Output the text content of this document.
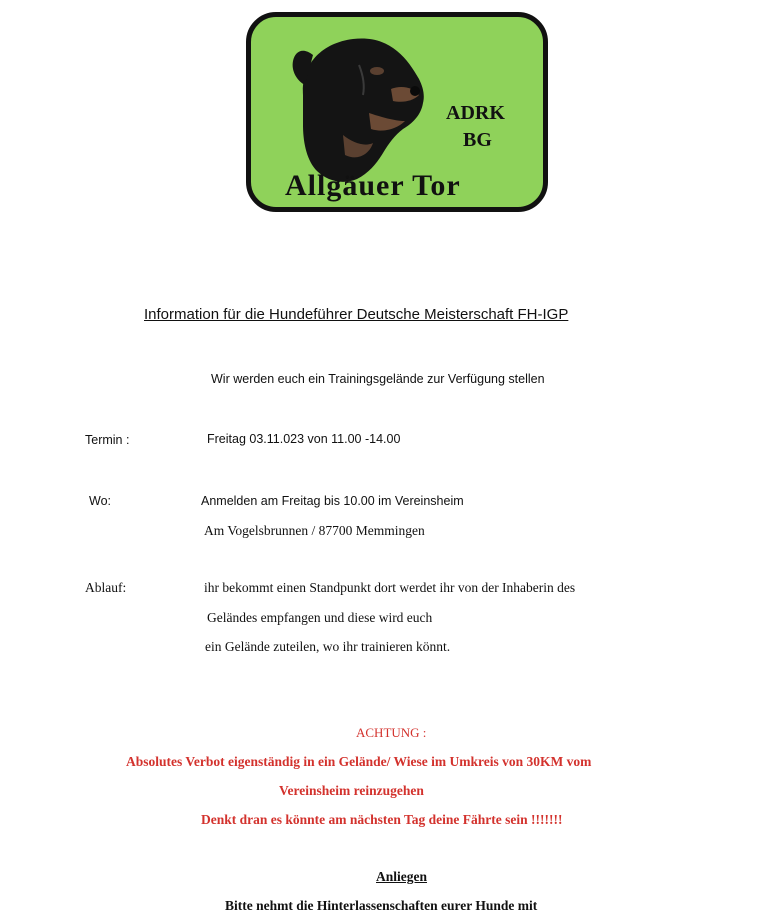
ADRK
BG
Allgäuer Tor
Information für die Hundeführer Deutsche Meisterschaft FH-IGP
Wir werden euch ein Trainingsgelände zur Verfügung stellen
Termin :	Freitag 03.11.023 von 11.00 -14.00
Wo:	Anmelden am Freitag bis 10.00 im Vereinsheim
Am Vogelsbrunnen / 87700 Memmingen
Ablauf:	ihr bekommt einen Standpunkt dort werdet ihr von der Inhaberin des
Geländes empfangen und diese wird euch
ein Gelände zuteilen, wo ihr trainieren könnt.
ACHTUNG :
Absolutes Verbot eigenständig in ein Gelände/ Wiese im Umkreis von 30KM vom
Vereinsheim reinzugehen
Denkt dran es könnte am nächsten Tag deine Fährte sein !!!!!!!
Anliegen
Bitte nehmt die Hinterlassenschaften eurer Hunde mit
